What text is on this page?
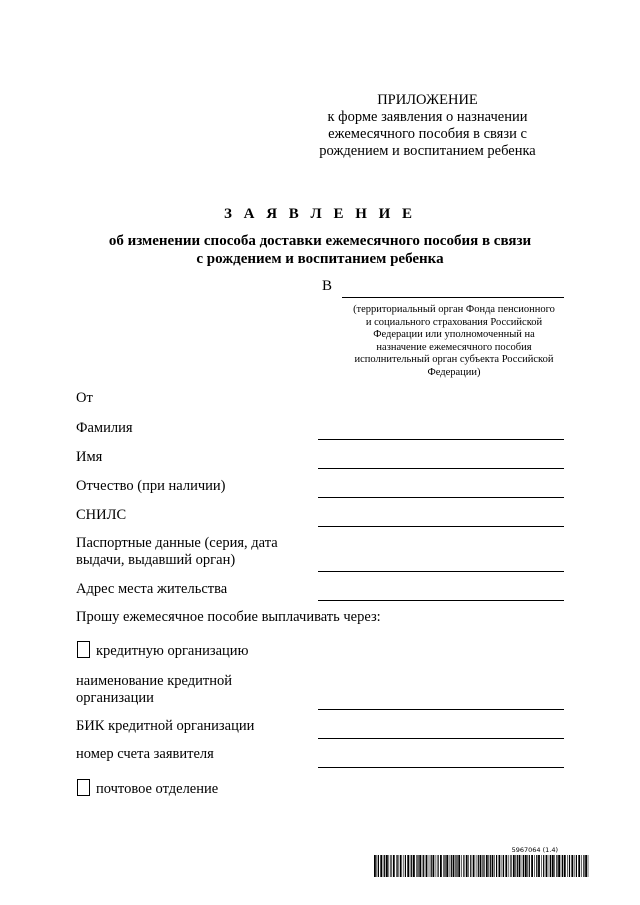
ПРИЛОЖЕНИЕ
к форме заявления о назначении
ежемесячного пособия в связи с
рождением и воспитанием ребенка
З А Я В Л Е Н И Е
об изменении способа доставки ежемесячного пособия в связи
с рождением и воспитанием ребенка
В
(территориальный орган Фонда пенсионного
и социального страхования Российской
Федерации или уполномоченный на
назначение ежемесячного пособия
исполнительный орган субъекта Российской
Федерации)
От
Фамилия
Имя
Отчество (при наличии)
СНИЛС
Паспортные данные (серия, дата
выдачи, выдавший орган)
Адрес места жительства
Прошу ежемесячное пособие выплачивать через:
кредитную организацию
наименование кредитной
организации
БИК кредитной организации
номер счета заявителя
почтовое отделение
5967064 (1.4)
